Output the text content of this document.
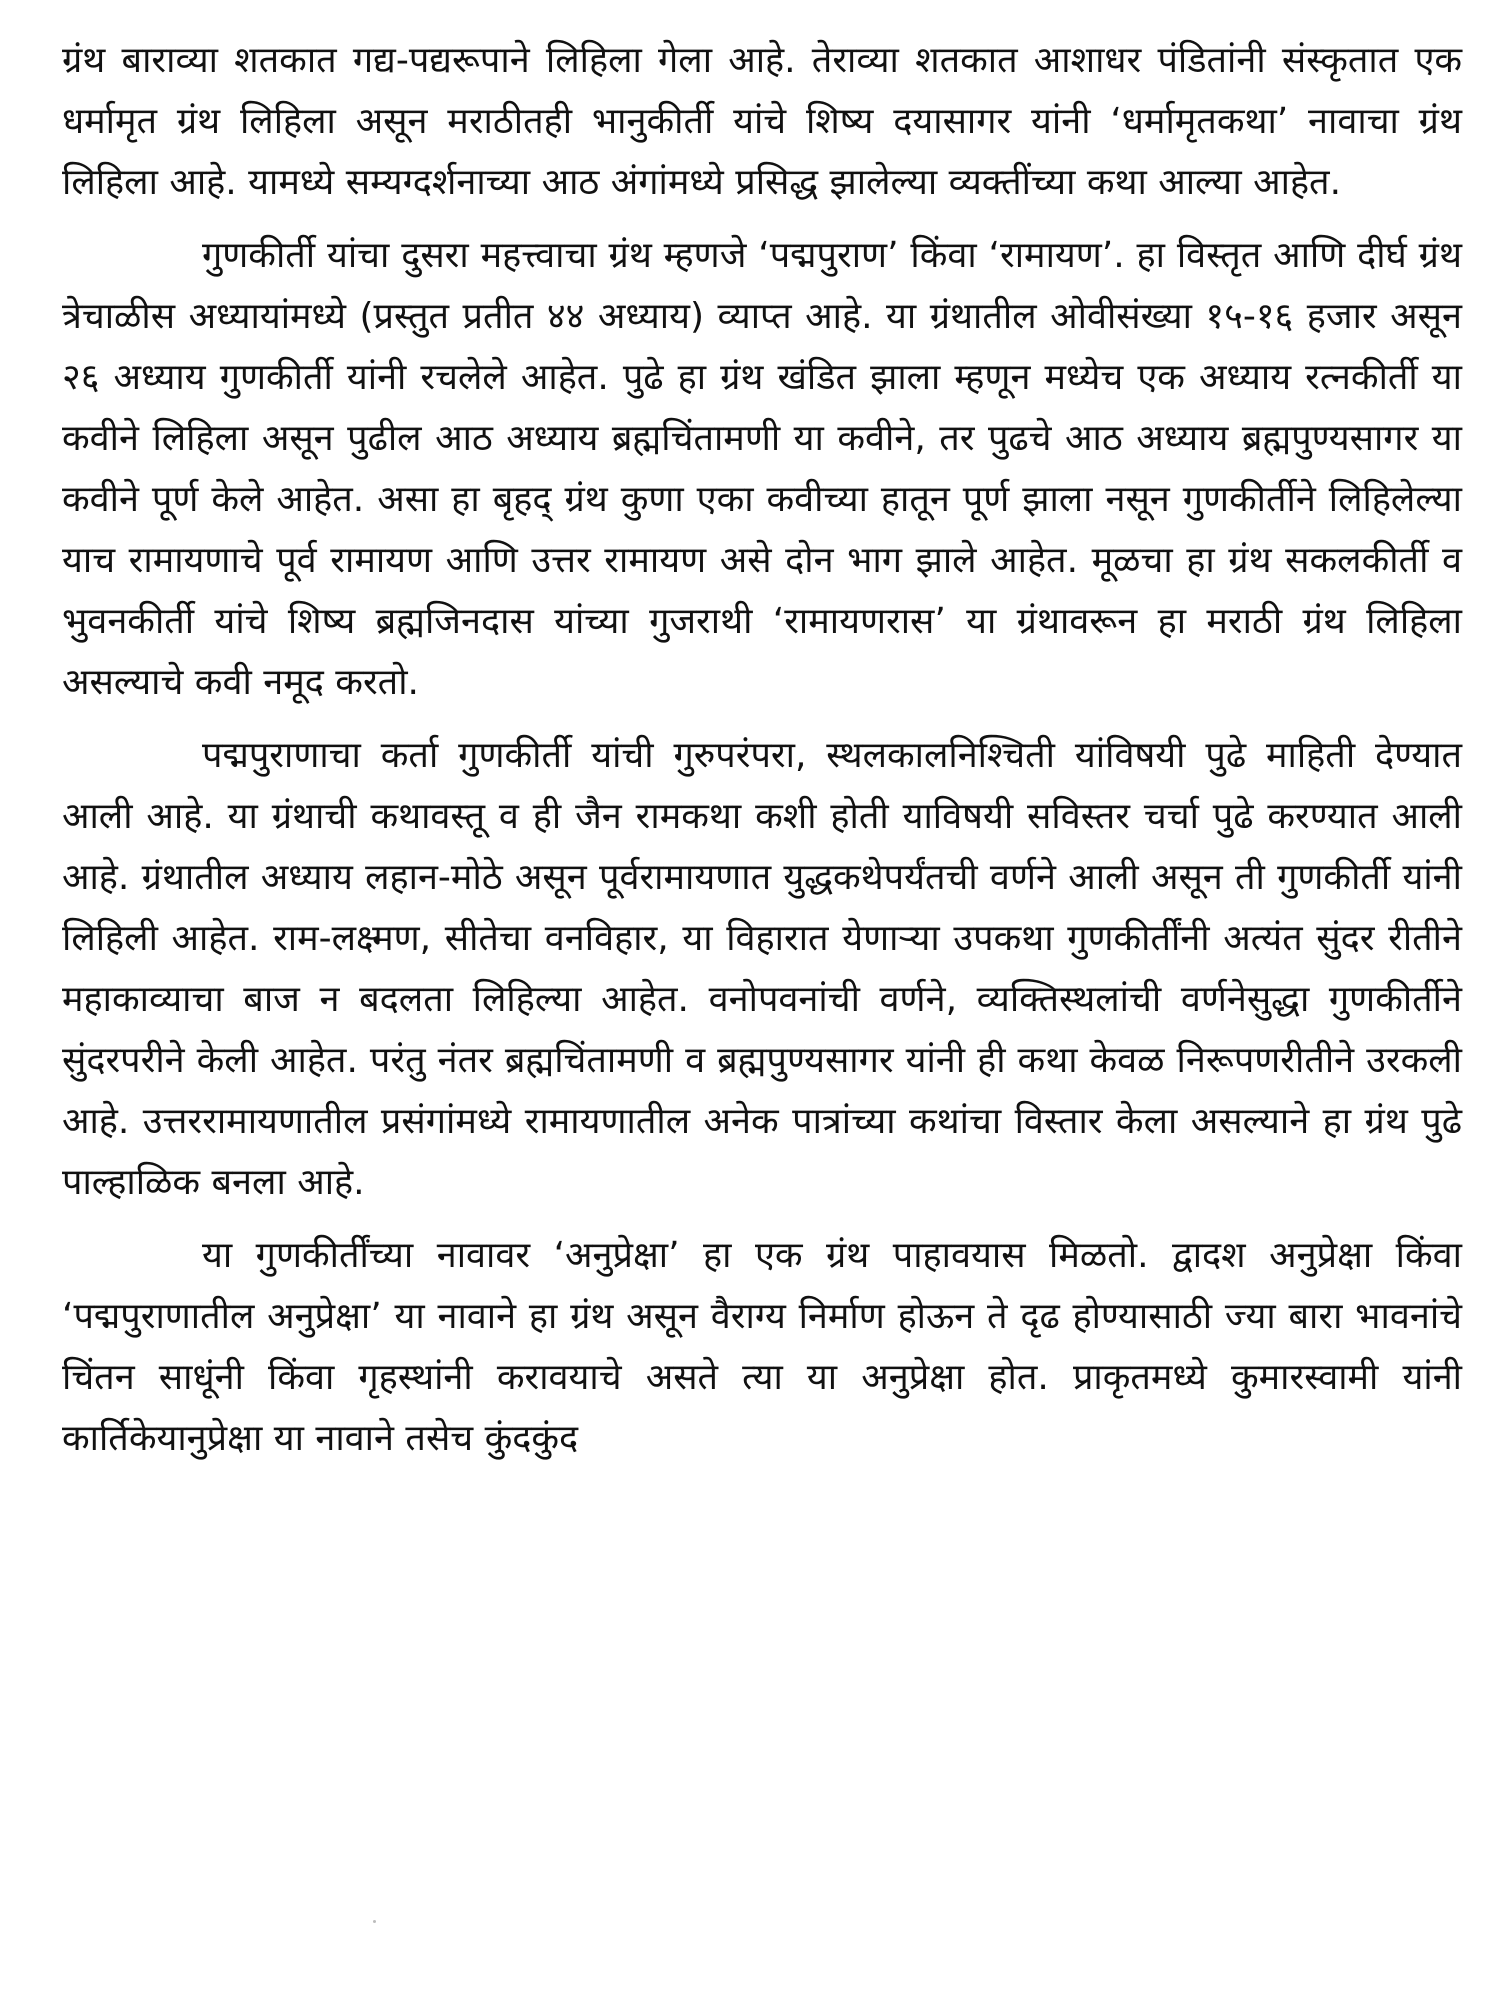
ग्रंथ बाराव्या शतकात गद्य-पद्यरूपाने लिहिला गेला आहे. तेराव्या शतकात आशाधर पंडितांनी संस्कृतात एक धर्मामृत ग्रंथ लिहिला असून मराठीतही भानुकीर्ती यांचे शिष्य दयासागर यांनी ‘धर्मामृतकथा’ नावाचा ग्रंथ लिहिला आहे. यामध्ये सम्यग्दर्शनाच्या आठ अंगांमध्ये प्रसिद्ध झालेल्या व्यक्तींच्या कथा आल्या आहेत.

गुणकीर्ती यांचा दुसरा महत्त्वाचा ग्रंथ म्हणजे ‘पद्मपुराण’ किंवा ‘रामायण’. हा विस्तृत आणि दीर्घ ग्रंथ त्रेचाळीस अध्यायांमध्ये (प्रस्तुत प्रतीत ४४ अध्याय) व्याप्त आहे. या ग्रंथातील ओवीसंख्या १५-१६ हजार असून २६ अध्याय गुणकीर्ती यांनी रचलेले आहेत. पुढे हा ग्रंथ खंडित झाला म्हणून मध्येच एक अध्याय रत्नकीर्ती या कवीने लिहिला असून पुढील आठ अध्याय ब्रह्मचिंतामणी या कवीने, तर पुढचे आठ अध्याय ब्रह्मपुण्यसागर या कवीने पूर्ण केले आहेत. असा हा बृहद् ग्रंथ कुणा एका कवीच्या हातून पूर्ण झाला नसून गुणकीर्तीने लिहिलेल्या याच रामायणाचे पूर्व रामायण आणि उत्तर रामायण असे दोन भाग झाले आहेत. मूळचा हा ग्रंथ सकलकीर्ती व भुवनकीर्ती यांचे शिष्य ब्रह्मजिनदास यांच्या गुजराथी ‘रामायणरास’ या ग्रंथावरून हा मराठी ग्रंथ लिहिला असल्याचे कवी नमूद करतो.

पद्मपुराणाचा कर्ता गुणकीर्ती यांची गुरुपरंपरा, स्थलकालनिश्चिती यांविषयी पुढे माहिती देण्यात आली आहे. या ग्रंथाची कथावस्तू व ही जैन रामकथा कशी होती याविषयी सविस्तर चर्चा पुढे करण्यात आली आहे. ग्रंथातील अध्याय लहान-मोठे असून पूर्वरामायणात युद्धकथेपर्यंतची वर्णने आली असून ती गुणकीर्ती यांनी लिहिली आहेत. राम-लक्ष्मण, सीतेचा वनविहार, या विहारात येणाऱ्या उपकथा गुणकीर्तींनी अत्यंत सुंदर रीतीने महाकाव्याचा बाज न बदलता लिहिल्या आहेत. वनोपवनांची वर्णने, व्यक्तिस्थलांची वर्णनेसुद्धा गुणकीर्तीने सुंदरपरीने केली आहेत. परंतु नंतर ब्रह्मचिंतामणी व ब्रह्मपुण्यसागर यांनी ही कथा केवळ निरूपणरीतीने उरकली आहे. उत्तररामायणातील प्रसंगांमध्ये रामायणातील अनेक पात्रांच्या कथांचा विस्तार केला असल्याने हा ग्रंथ पुढे पाल्हाळिक बनला आहे.

या गुणकीर्तींच्या नावावर ‘अनुप्रेक्षा’ हा एक ग्रंथ पाहावयास मिळतो. द्वादश अनुप्रेक्षा किंवा ‘पद्मपुराणातील अनुप्रेक्षा’ या नावाने हा ग्रंथ असून वैराग्य निर्माण होऊन ते दृढ होण्यासाठी ज्या बारा भावनांचे चिंतन साधूंनी किंवा गृहस्थांनी करावयाचे असते त्या या अनुप्रेक्षा होत. प्राकृतमध्ये कुमारस्वामी यांनी कार्तिकेयानुप्रेक्षा या नावाने तसेच कुंदकुंद
